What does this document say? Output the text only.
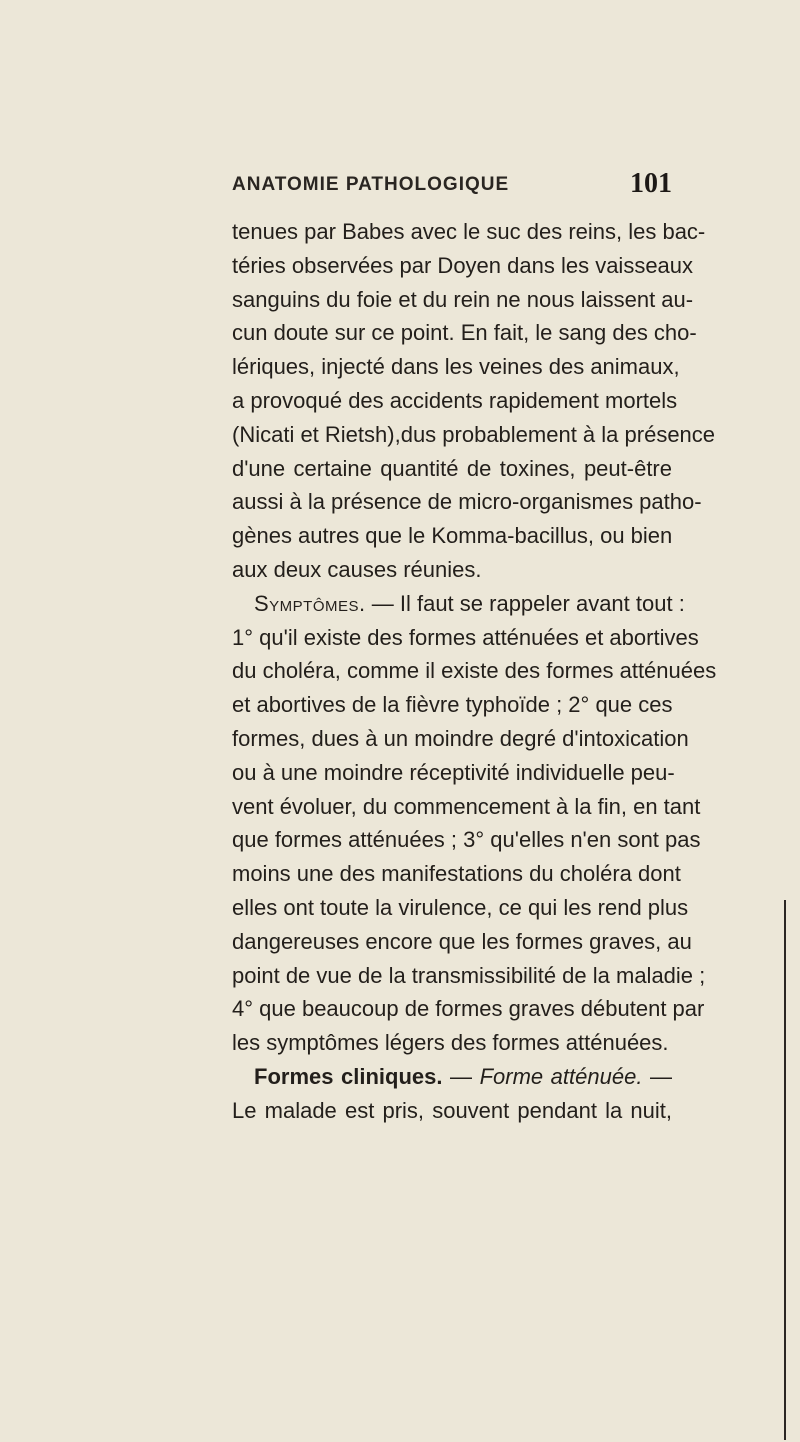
ANATOMIE PATHOLOGIQUE	101
tenues par Babes avec le suc des reins, les bac-
téries observées par Doyen dans les vaisseaux
sanguins du foie et du rein ne nous laissent au-
cun doute sur ce point. En fait, le sang des cho-
lériques, injecté dans les veines des animaux,
a provoqué des accidents rapidement mortels
(Nicati et Rietsh),dus probablement à la présence
d'une certaine quantité de toxines, peut-être
aussi à la présence de micro-organismes patho-
gènes autres que le Komma-bacillus, ou bien
aux deux causes réunies.
Symptômes. — Il faut se rappeler avant tout :
1° qu'il existe des formes atténuées et abortives
du choléra, comme il existe des formes atténuées
et abortives de la fièvre typhoïde ; 2° que ces
formes, dues à un moindre degré d'intoxication
ou à une moindre réceptivité individuelle peu-
vent évoluer, du commencement à la fin, en tant
que formes atténuées ; 3° qu'elles n'en sont pas
moins une des manifestations du choléra dont
elles ont toute la virulence, ce qui les rend plus
dangereuses encore que les formes graves, au
point de vue de la transmissibilité de la maladie ;
4° que beaucoup de formes graves débutent par
les symptômes légers des formes atténuées.
Formes cliniques. — Forme atténuée. —
Le malade est pris, souvent pendant la nuit,
